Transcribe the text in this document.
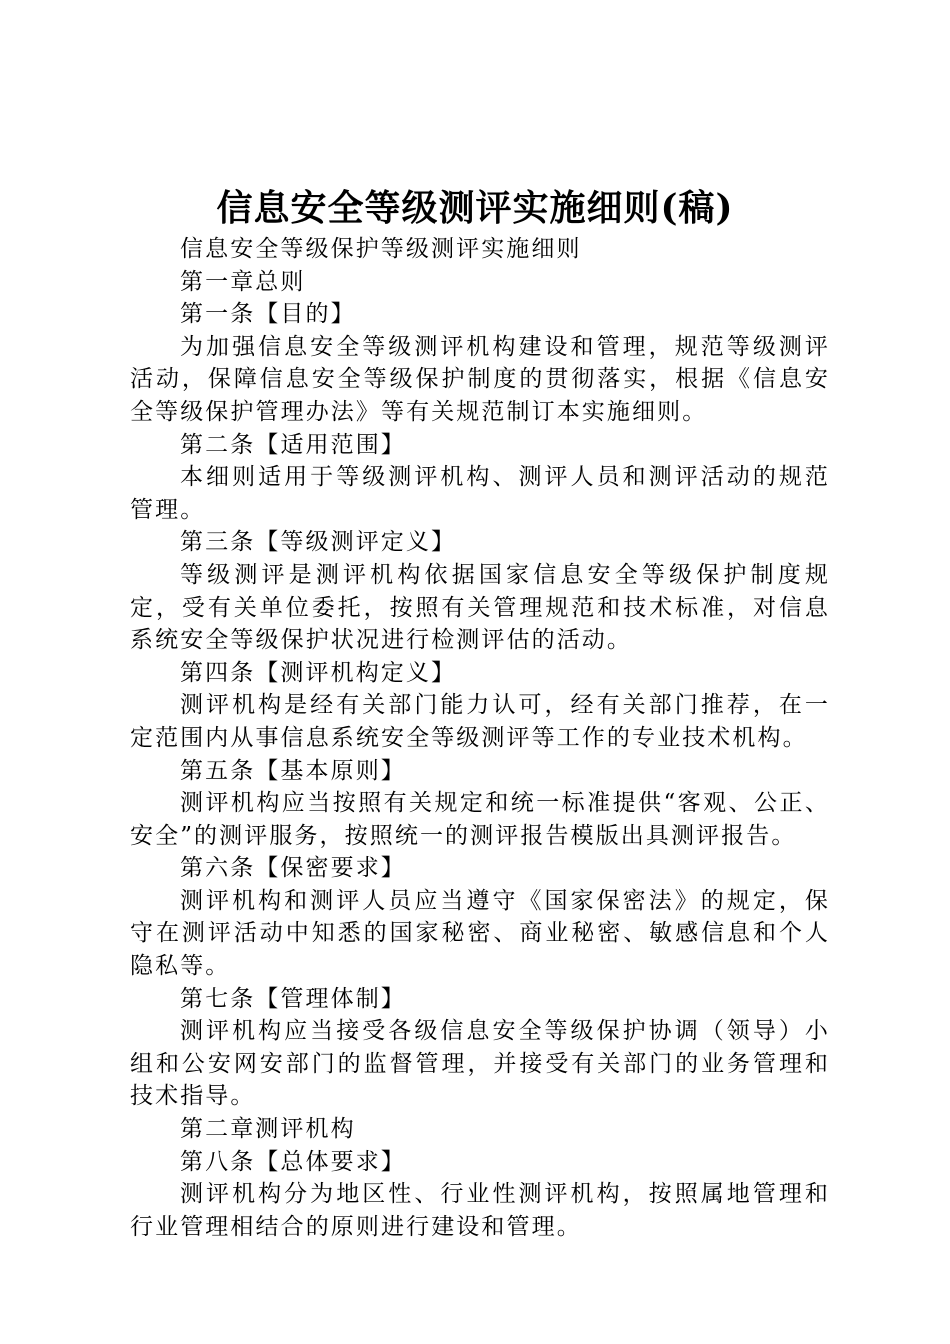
信息安全等级测评实施细则(稿)

信息安全等级保护等级测评实施细则

第一章总则

第一条【目的】

为加强信息安全等级测评机构建设和管理，规范等级测评活动，保障信息安全等级保护制度的贯彻落实，根据《信息安全等级保护管理办法》等有关规范制订本实施细则。

第二条【适用范围】

本细则适用于等级测评机构、测评人员和测评活动的规范管理。

第三条【等级测评定义】

等级测评是测评机构依据国家信息安全等级保护制度规定，受有关单位委托，按照有关管理规范和技术标准，对信息系统安全等级保护状况进行检测评估的活动。

第四条【测评机构定义】

测评机构是经有关部门能力认可，经有关部门推荐，在一定范围内从事信息系统安全等级测评等工作的专业技术机构。

第五条【基本原则】

测评机构应当按照有关规定和统一标准提供“客观、公正、安全”的测评服务，按照统一的测评报告模版出具测评报告。

第六条【保密要求】

测评机构和测评人员应当遵守《国家保密法》的规定，保守在测评活动中知悉的国家秘密、商业秘密、敏感信息和个人隐私等。

第七条【管理体制】

测评机构应当接受各级信息安全等级保护协调（领导）小组和公安网安部门的监督管理，并接受有关部门的业务管理和技术指导。

第二章测评机构

第八条【总体要求】

测评机构分为地区性、行业性测评机构，按照属地管理和行业管理相结合的原则进行建设和管理。
